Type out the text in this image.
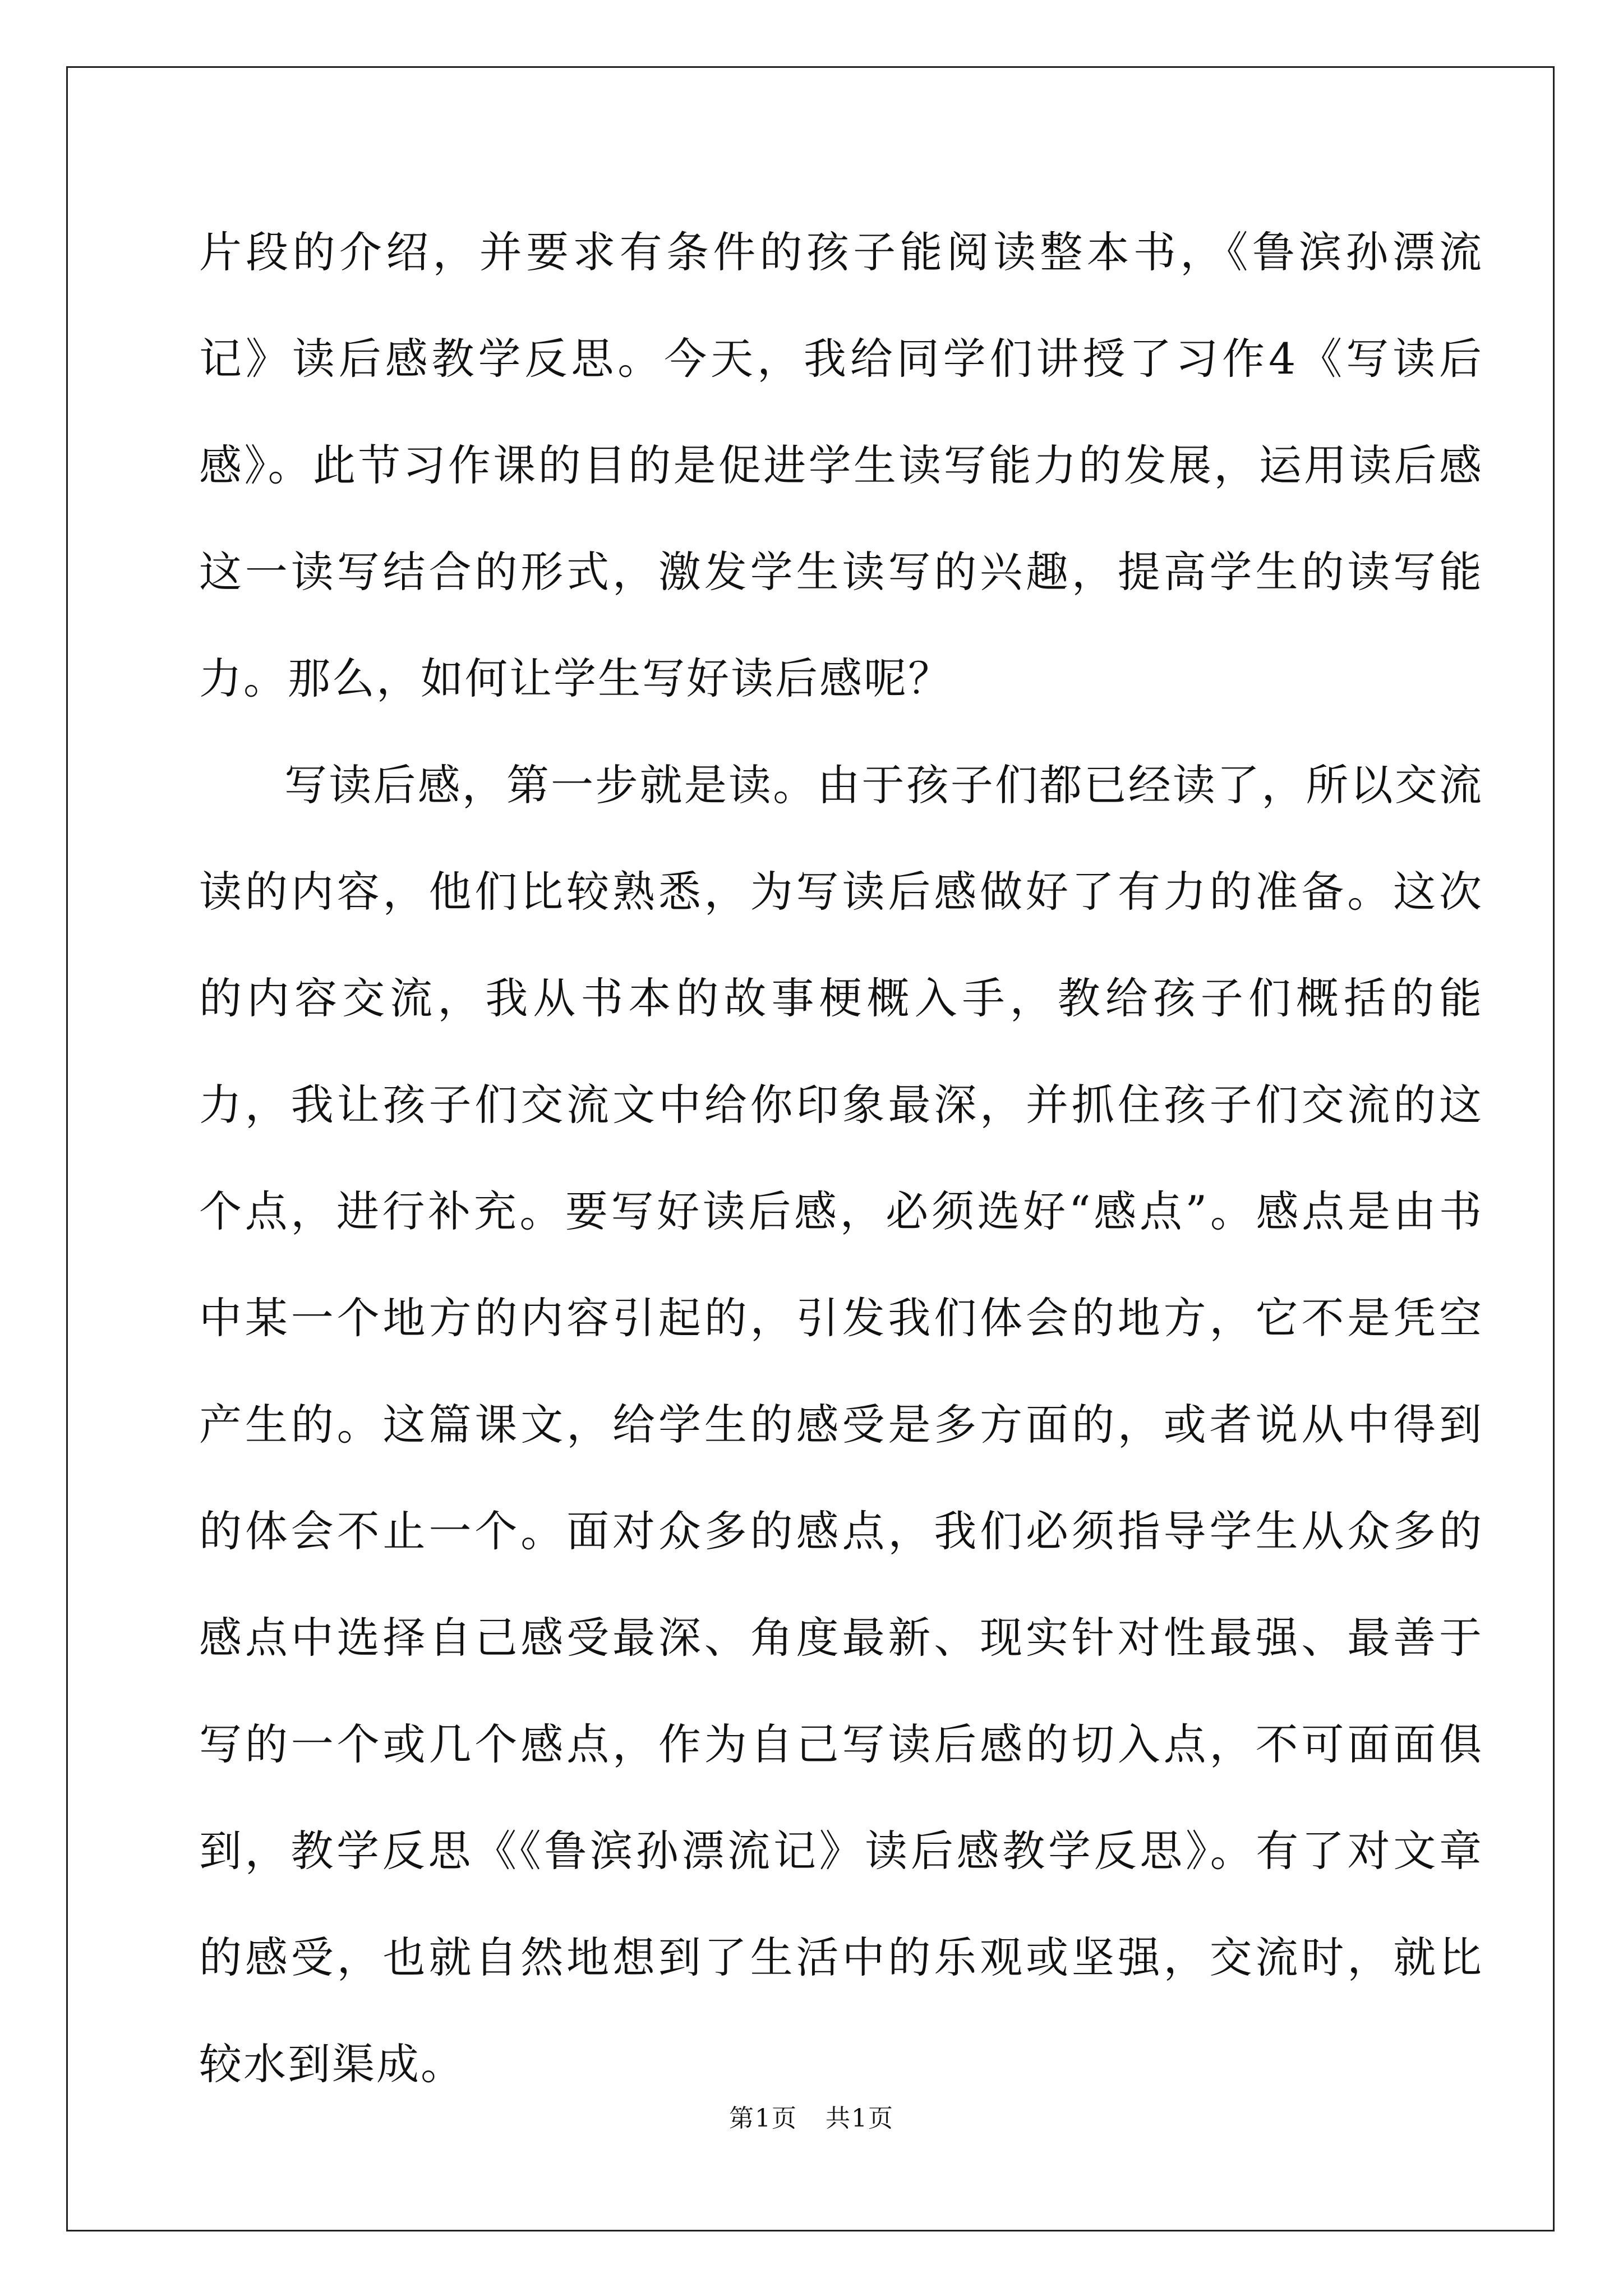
片段的介绍，并要求有条件的孩子能阅读整本书，《鲁滨孙漂流记》读后感教学反思。今天，我给同学们讲授了习作4《写读后感》。此节习作课的目的是促进学生读写能力的发展，运用读后感这一读写结合的形式，激发学生读写的兴趣，提高学生的读写能力。那么，如何让学生写好读后感呢？

写读后感，第一步就是读。由于孩子们都已经读了，所以交流读的内容，他们比较熟悉，为写读后感做好了有力的准备。这次的内容交流，我从书本的故事梗概入手，教给孩子们概括的能力，我让孩子们交流文中给你印象最深，并抓住孩子们交流的这个点，进行补充。要写好读后感，必须选好“感点”。感点是由书中某一个地方的内容引起的，引发我们体会的地方，它不是凭空产生的。这篇课文，给学生的感受是多方面的，或者说从中得到的体会不止一个。面对众多的感点，我们必须指导学生从众多的感点中选择自己感受最深、角度最新、现实针对性最强、最善于写的一个或几个感点，作为自己写读后感的切入点，不可面面俱到，教学反思《《鲁滨孙漂流记》读后感教学反思》。有了对文章的感受，也就自然地想到了生活中的乐观或坚强，交流时，就比较水到渠成。

第1页 共1页
